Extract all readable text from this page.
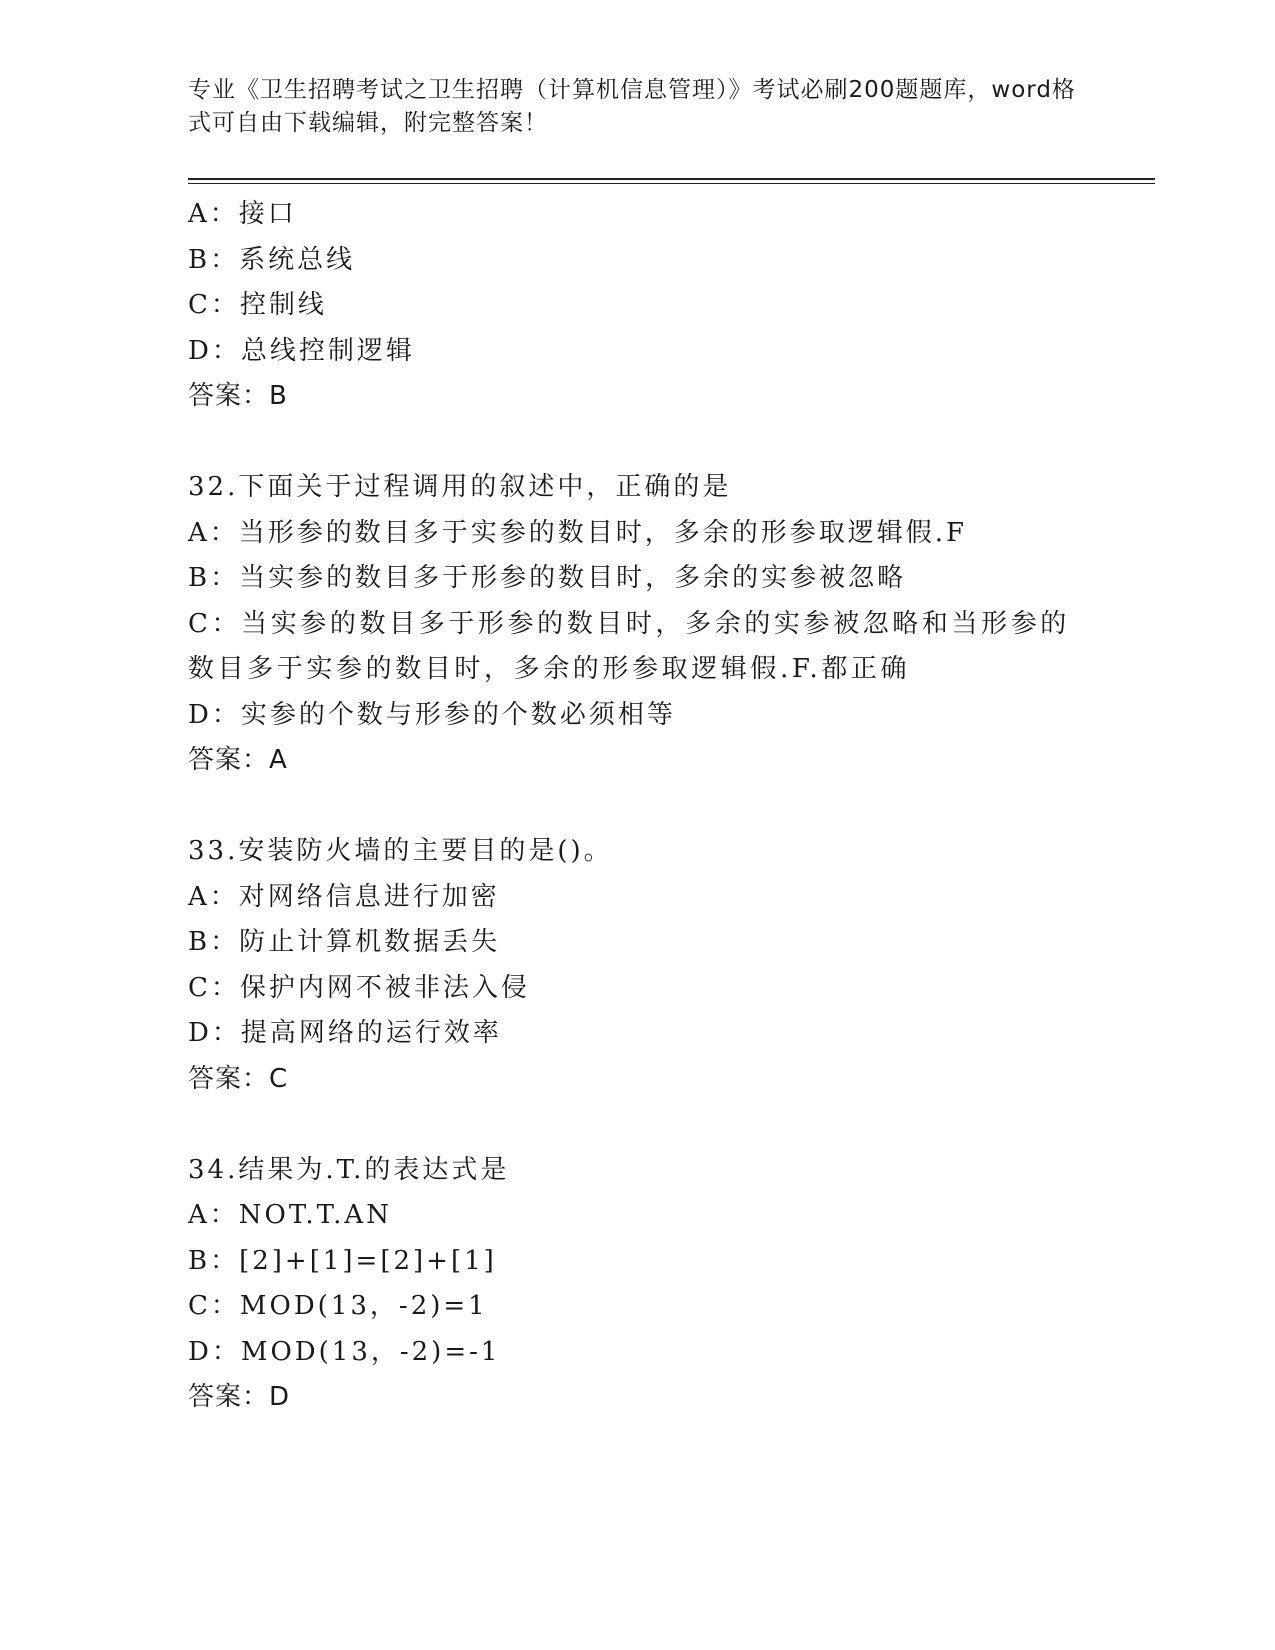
专业《卫生招聘考试之卫生招聘（计算机信息管理）》考试必刷200题题库，word格式可自由下载编辑，附完整答案！
A：接口
B：系统总线
C：控制线
D：总线控制逻辑
答案：B
32.下面关于过程调用的叙述中，正确的是
A：当形参的数目多于实参的数目时，多余的形参取逻辑假.F
B：当实参的数目多于形参的数目时，多余的实参被忽略
C：当实参的数目多于形参的数目时，多余的实参被忽略和当形参的数目多于实参的数目时，多余的形参取逻辑假.F.都正确
D：实参的个数与形参的个数必须相等
答案：A
33.安装防火墙的主要目的是()。
A：对网络信息进行加密
B：防止计算机数据丢失
C：保护内网不被非法入侵
D：提高网络的运行效率
答案：C
34.结果为.T.的表达式是
A：NOT.T.AN
B：[2]+[1]=[2]+[1]
C：MOD(13，-2)=1
D：MOD(13，-2)=-1
答案：D
